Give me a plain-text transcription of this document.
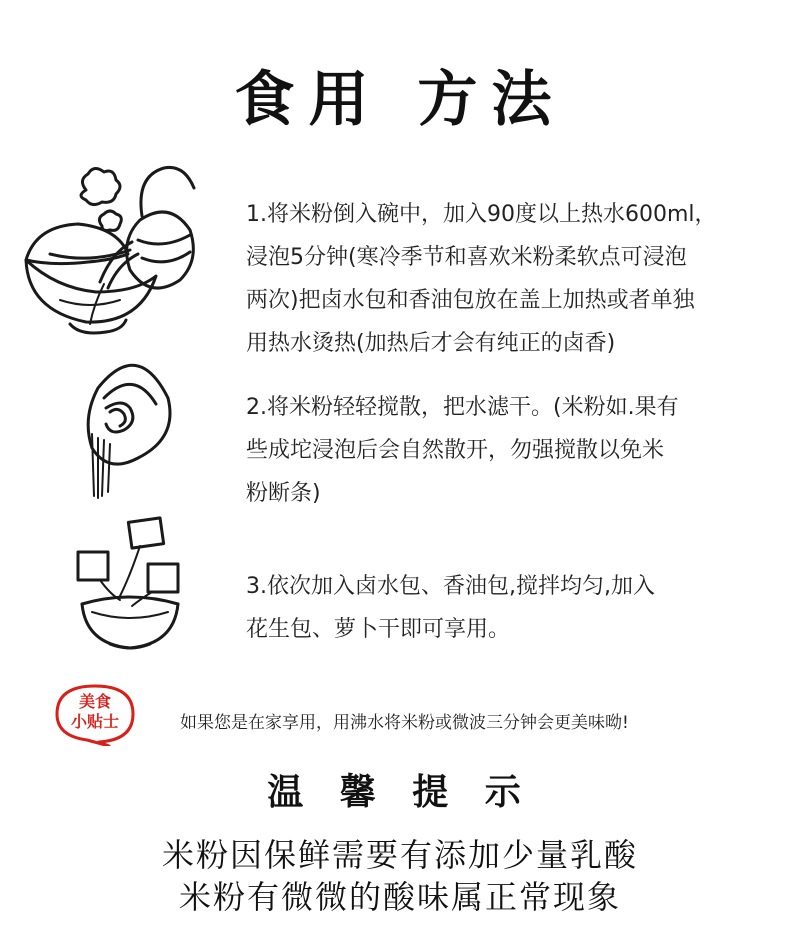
食用 方法
1.将米粉倒入碗中，加入90度以上热水600ml，
浸泡5分钟(寒冷季节和喜欢米粉柔软点可浸泡
两次)把卤水包和香油包放在盖上加热或者单独
用热水烫热(加热后才会有纯正的卤香)
2.将米粉轻轻搅散，把水滤干。(米粉如.果有
些成坨浸泡后会自然散开，勿强搅散以免米
粉断条)
3.依次加入卤水包、香油包,搅拌均匀,加入
花生包、萝卜干即可享用。
美食
小贴士	如果您是在家享用，用沸水将米粉或微波三分钟会更美味呦!
温 馨 提 示
米粉因保鲜需要有添加少量乳酸
米粉有微微的酸味属正常现象
